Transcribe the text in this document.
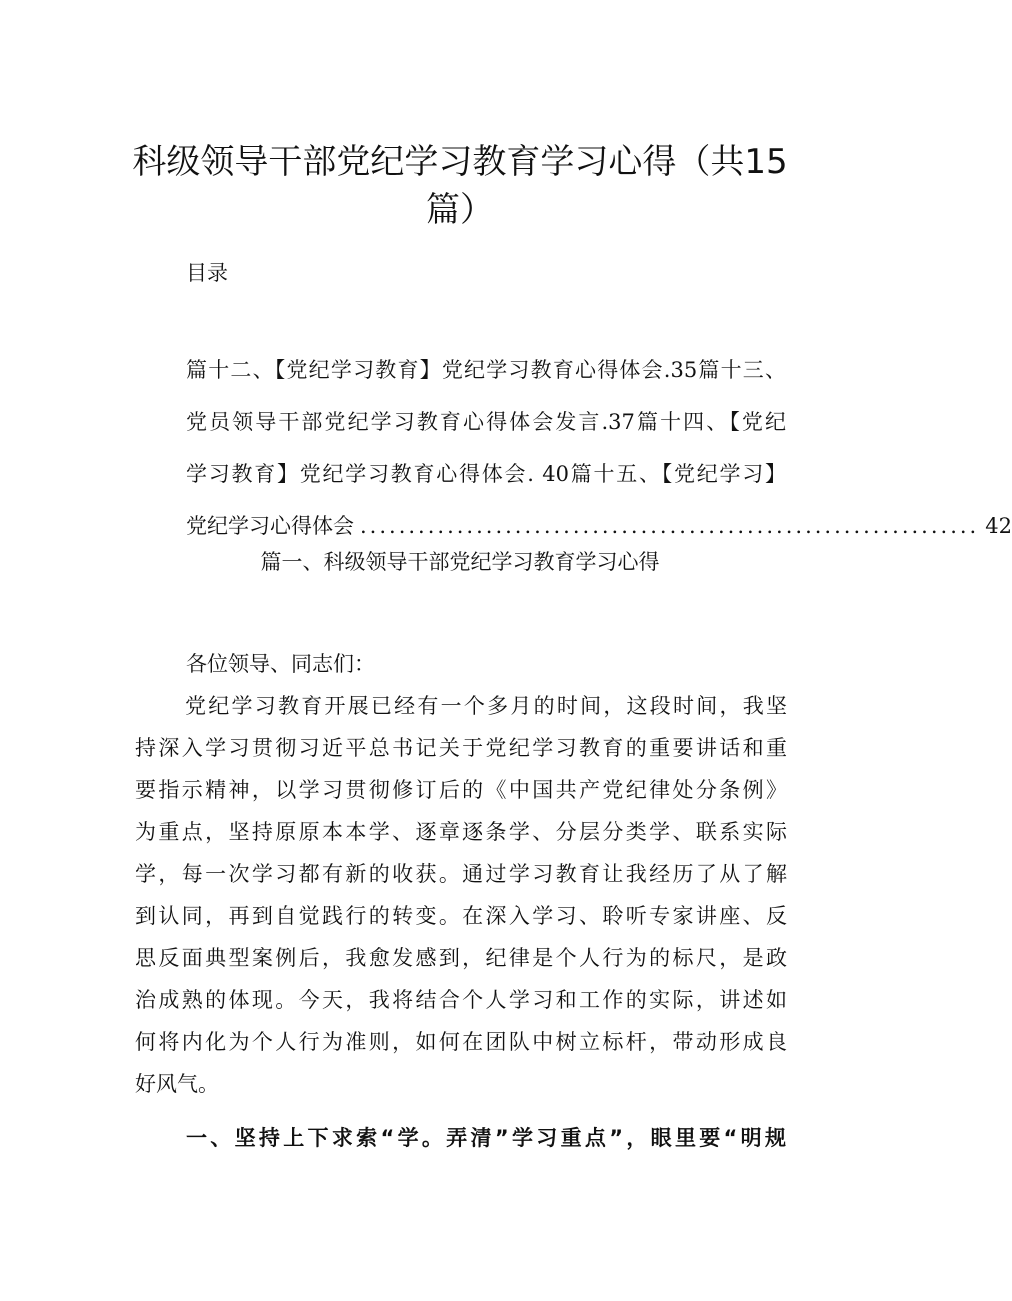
科级领导干部党纪学习教育学习心得（共15
篇）
目录
篇十二、【党纪学习教育】党纪学习教育心得体会.35篇十三、
党员领导干部党纪学习教育心得体会发言.37篇十四、【党纪
学习教育】党纪学习教育心得体会. 40篇十五、【党纪学习】
党纪学习心得体会 ................................................................ 42
篇一、科级领导干部党纪学习教育学习心得
各位领导、同志们：
党纪学习教育开展已经有一个多月的时间，这段时间，我坚
持深入学习贯彻习近平总书记关于党纪学习教育的重要讲话和重
要指示精神，以学习贯彻修订后的《中国共产党纪律处分条例》
为重点，坚持原原本本学、逐章逐条学、分层分类学、联系实际
学，每一次学习都有新的收获。通过学习教育让我经历了从了解
到认同，再到自觉践行的转变。在深入学习、聆听专家讲座、反
思反面典型案例后，我愈发感到，纪律是个人行为的标尺，是政
治成熟的体现。今天，我将结合个人学习和工作的实际，讲述如
何将内化为个人行为准则，如何在团队中树立标杆，带动形成良
好风气。
一、坚持上下求索“学。弄清”学习重点”，眼里要“明规
